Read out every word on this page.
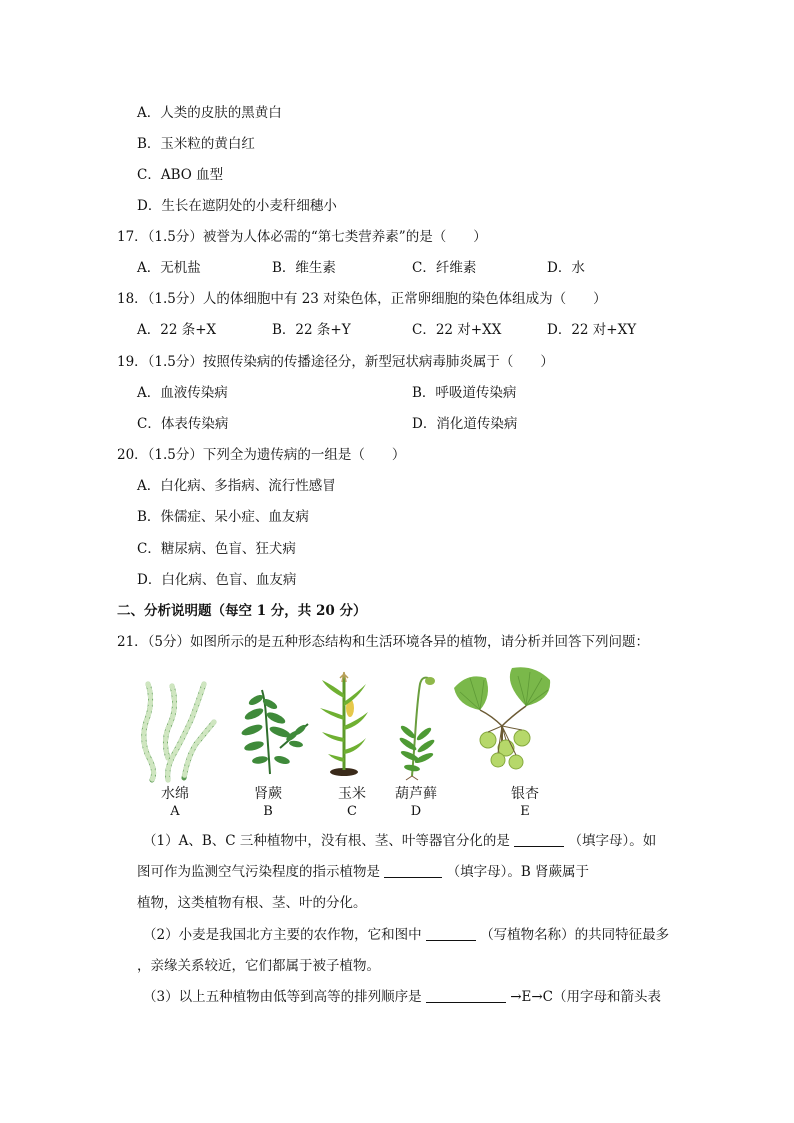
A．人类的皮肤的黑黄白
B．玉米粒的黄白红
C．ABO 血型
D．生长在遮阴处的小麦秆细穗小
17．（1.5分）被誉为人体必需的“第七类营养素”的是（　　）
A．无机盐	B．维生素	C．纤维素	D．水
18．（1.5分）人的体细胞中有 23 对染色体，正常卵细胞的染色体组成为（　　）
A．22 条+X	B．22 条+Y	C．22 对+XX	D．22 对+XY
19．（1.5分）按照传染病的传播途径分，新型冠状病毒肺炎属于（　　）
A．血液传染病	B．呼吸道传染病
C．体表传染病	D．消化道传染病
20．（1.5分）下列全为遗传病的一组是（　　）
A．白化病、多指病、流行性感冒
B．侏儒症、呆小症、血友病
C．糖尿病、色盲、狂犬病
D．白化病、色盲、血友病
二、分析说明题（每空 1 分，共 20 分）
21．（5分）如图所示的是五种形态结构和生活环境各异的植物，请分析并回答下列问题：
水绵
A
肾蕨
B
玉米
C
葫芦藓
D
银杏
E
（1）A、B、C 三种植物中，没有根、茎、叶等器官分化的是	（填字母）。如
图可作为监测空气污染程度的指示植物是	（填字母）。B 肾蕨属于
植物，这类植物有根、茎、叶的分化。
（2）小麦是我国北方主要的农作物，它和图中	（写植物名称）的共同特征最多
，亲缘关系较近，它们都属于被子植物。
（3）以上五种植物由低等到高等的排列顺序是	→E→C（用字母和箭头表
